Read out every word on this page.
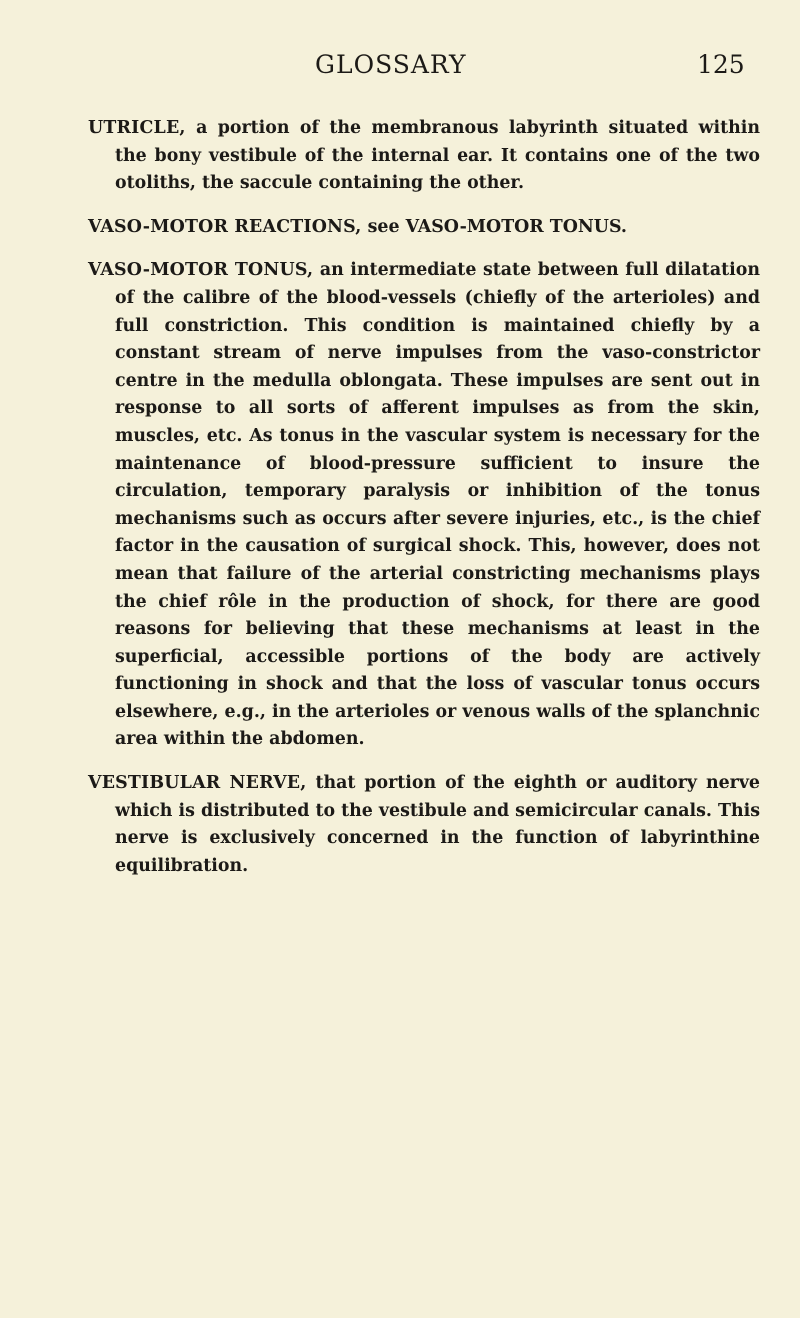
GLOSSARY	125

UTRICLE, a portion of the membranous labyrinth situated within the bony vestibule of the internal ear. It contains one of the two otoliths, the saccule containing the other.

VASO-MOTOR REACTIONS, see VASO-MOTOR TONUS.

VASO-MOTOR TONUS, an intermediate state between full dilatation of the calibre of the blood-vessels (chiefly of the arterioles) and full constriction. This condition is maintained chiefly by a constant stream of nerve impulses from the vaso-constrictor centre in the medulla oblongata. These impulses are sent out in response to all sorts of afferent impulses as from the skin, muscles, etc. As tonus in the vascular system is necessary for the maintenance of blood-pressure sufficient to insure the circulation, temporary paralysis or inhibition of the tonus mechanisms such as occurs after severe injuries, etc., is the chief factor in the causation of surgical shock. This, however, does not mean that failure of the arterial constricting mechanisms plays the chief rôle in the production of shock, for there are good reasons for believing that these mechanisms at least in the superficial, accessible portions of the body are actively functioning in shock and that the loss of vascular tonus occurs elsewhere, e.g., in the arterioles or venous walls of the splanchnic area within the abdomen.

VESTIBULAR NERVE, that portion of the eighth or auditory nerve which is distributed to the vestibule and semicircular canals. This nerve is exclusively concerned in the function of labyrinthine equilibration.
